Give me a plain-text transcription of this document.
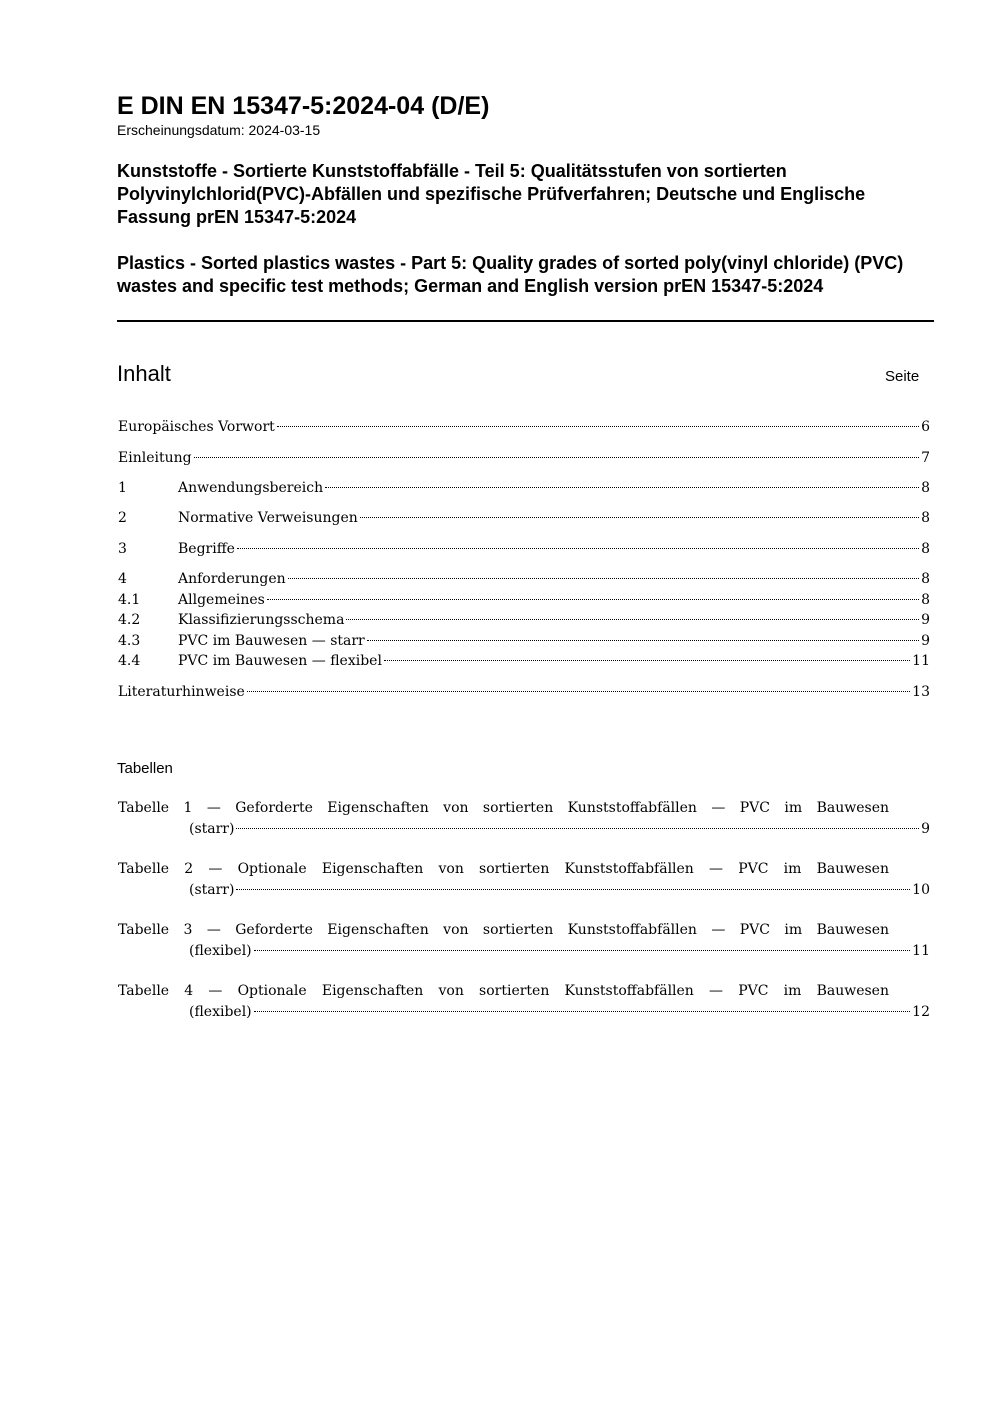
E DIN EN 15347-5:2024-04 (D/E)
Erscheinungsdatum: 2024-03-15

Kunststoffe - Sortierte Kunststoffabfälle - Teil 5: Qualitätsstufen von sortierten Polyvinylchlorid(PVC)-Abfällen und spezifische Prüfverfahren; Deutsche und Englische Fassung prEN 15347-5:2024

Plastics - Sorted plastics wastes - Part 5: Quality grades of sorted poly(vinyl chloride) (PVC) wastes and specific test methods; German and English version prEN 15347-5:2024

Inhalt	Seite
Europäisches Vorwort	6
Einleitung	7
1	Anwendungsbereich	8
2	Normative Verweisungen	8
3	Begriffe	8
4	Anforderungen	8
4.1	Allgemeines	8
4.2	Klassifizierungsschema	9
4.3	PVC im Bauwesen — starr	9
4.4	PVC im Bauwesen — flexibel	11
Literaturhinweise	13
Tabellen
Tabelle 1 — Geforderte Eigenschaften von sortierten Kunststoffabfällen — PVC im Bauwesen
(starr)	9
Tabelle 2 — Optionale Eigenschaften von sortierten Kunststoffabfällen — PVC im Bauwesen
(starr)	10
Tabelle 3 — Geforderte Eigenschaften von sortierten Kunststoffabfällen — PVC im Bauwesen
(flexibel)	11
Tabelle 4 — Optionale Eigenschaften von sortierten Kunststoffabfällen — PVC im Bauwesen
(flexibel)	12
